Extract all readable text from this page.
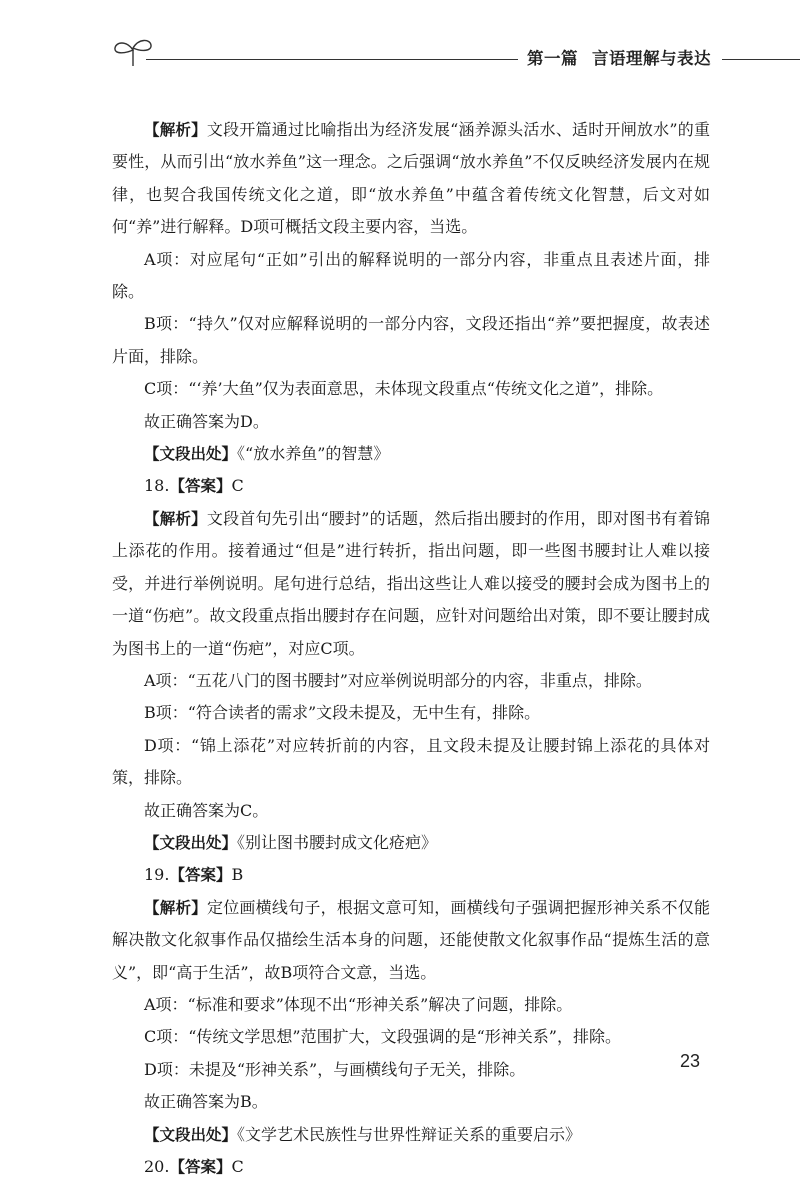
第一篇 言语理解与表达

【解析】文段开篇通过比喻指出为经济发展“涵养源头活水、适时开闸放水”的重要性，从而引出“放水养鱼”这一理念。之后强调“放水养鱼”不仅反映经济发展内在规律，也契合我国传统文化之道，即“放水养鱼”中蕴含着传统文化智慧，后文对如何“养”进行解释。D项可概括文段主要内容，当选。

A项：对应尾句“正如”引出的解释说明的一部分内容，非重点且表述片面，排除。

B项：“持久”仅对应解释说明的一部分内容，文段还指出“养”要把握度，故表述片面，排除。

C项：“‘养’大鱼”仅为表面意思，未体现文段重点“传统文化之道”，排除。

故正确答案为D。

【文段出处】《“放水养鱼”的智慧》

18.【答案】C

【解析】文段首句先引出“腰封”的话题，然后指出腰封的作用，即对图书有着锦上添花的作用。接着通过“但是”进行转折，指出问题，即一些图书腰封让人难以接受，并进行举例说明。尾句进行总结，指出这些让人难以接受的腰封会成为图书上的一道“伤疤”。故文段重点指出腰封存在问题，应针对问题给出对策，即不要让腰封成为图书上的一道“伤疤”，对应C项。

A项：“五花八门的图书腰封”对应举例说明部分的内容，非重点，排除。

B项：“符合读者的需求”文段未提及，无中生有，排除。

D项：“锦上添花”对应转折前的内容，且文段未提及让腰封锦上添花的具体对策，排除。

故正确答案为C。

【文段出处】《别让图书腰封成文化疮疤》

19.【答案】B

【解析】定位画横线句子，根据文意可知，画横线句子强调把握形神关系不仅能解决散文化叙事作品仅描绘生活本身的问题，还能使散文化叙事作品“提炼生活的意义”，即“高于生活”，故B项符合文意，当选。

A项：“标准和要求”体现不出“形神关系”解决了问题，排除。

C项：“传统文学思想”范围扩大，文段强调的是“形神关系”，排除。

D项：未提及“形神关系”，与画横线句子无关，排除。

故正确答案为B。

【文段出处】《文学艺术民族性与世界性辩证关系的重要启示》

20.【答案】C

23
